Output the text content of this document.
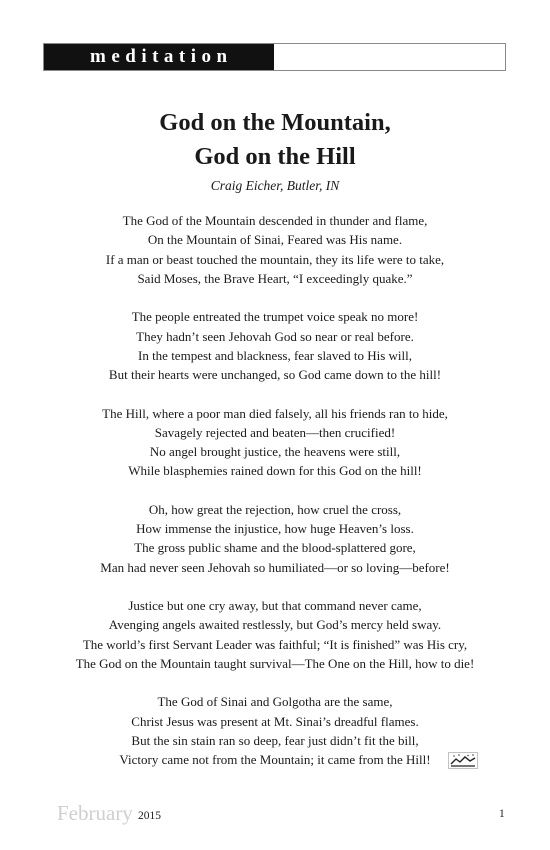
meditation
God on the Mountain,
God on the Hill
Craig Eicher, Butler, IN
The God of the Mountain descended in thunder and flame,
On the Mountain of Sinai, Feared was His name.
If a man or beast touched the mountain, they its life were to take,
Said Moses, the Brave Heart, “I exceedingly quake.”
The people entreated the trumpet voice speak no more!
They hadn’t seen Jehovah God so near or real before.
In the tempest and blackness, fear slaved to His will,
But their hearts were unchanged, so God came down to the hill!
The Hill, where a poor man died falsely, all his friends ran to hide,
Savagely rejected and beaten—then crucified!
No angel brought justice, the heavens were still,
While blasphemies rained down for this God on the hill!
Oh, how great the rejection, how cruel the cross,
How immense the injustice, how huge Heaven’s loss.
The gross public shame and the blood-splattered gore,
Man had never seen Jehovah so humiliated—or so loving—before!
Justice but one cry away, but that command never came,
Avenging angels awaited restlessly, but God’s mercy held sway.
The world’s first Servant Leader was faithful; “It is finished” was His cry,
The God on the Mountain taught survival—The One on the Hill, how to die!
The God of Sinai and Golgotha are the same,
Christ Jesus was present at Mt. Sinai’s dreadful flames.
But the sin stain ran so deep, fear just didn’t fit the bill,
Victory came not from the Mountain; it came from the Hill!
February 2015	1
